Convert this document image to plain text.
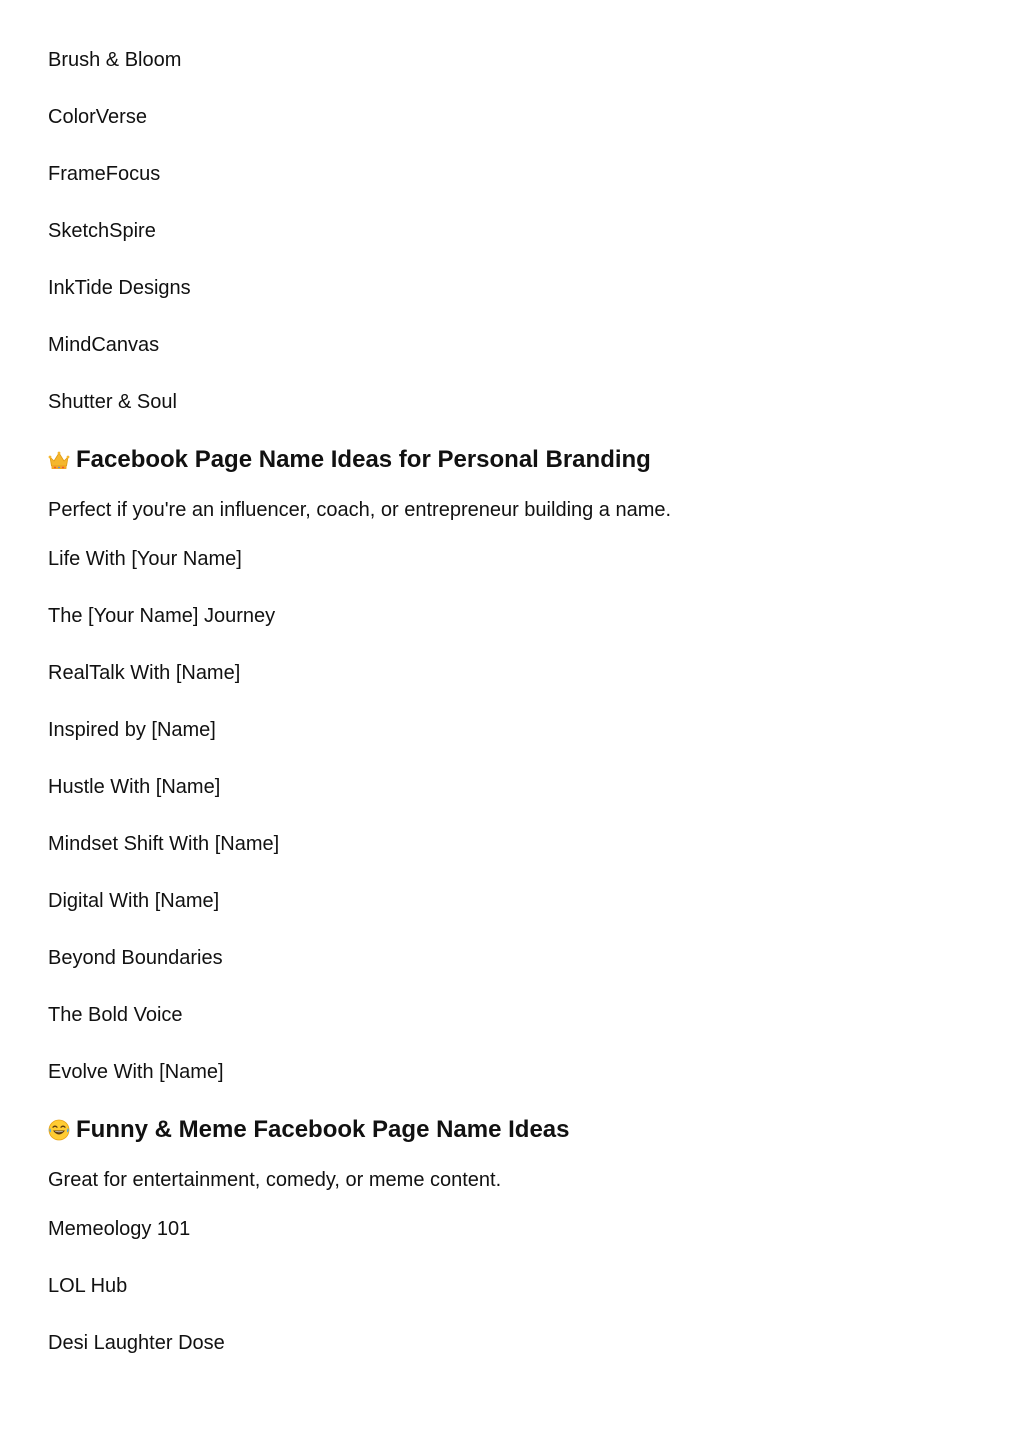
Brush & Bloom
ColorVerse
FrameFocus
SketchSpire
InkTide Designs
MindCanvas
Shutter & Soul
Facebook Page Name Ideas for Personal Branding

Perfect if you're an influencer, coach, or entrepreneur building a name.

Life With [Your Name]
The [Your Name] Journey
RealTalk With [Name]
Inspired by [Name]
Hustle With [Name]
Mindset Shift With [Name]
Digital With [Name]
Beyond Boundaries
The Bold Voice
Evolve With [Name]
Funny & Meme Facebook Page Name Ideas

Great for entertainment, comedy, or meme content.

Memeology 101
LOL Hub
Desi Laughter Dose
